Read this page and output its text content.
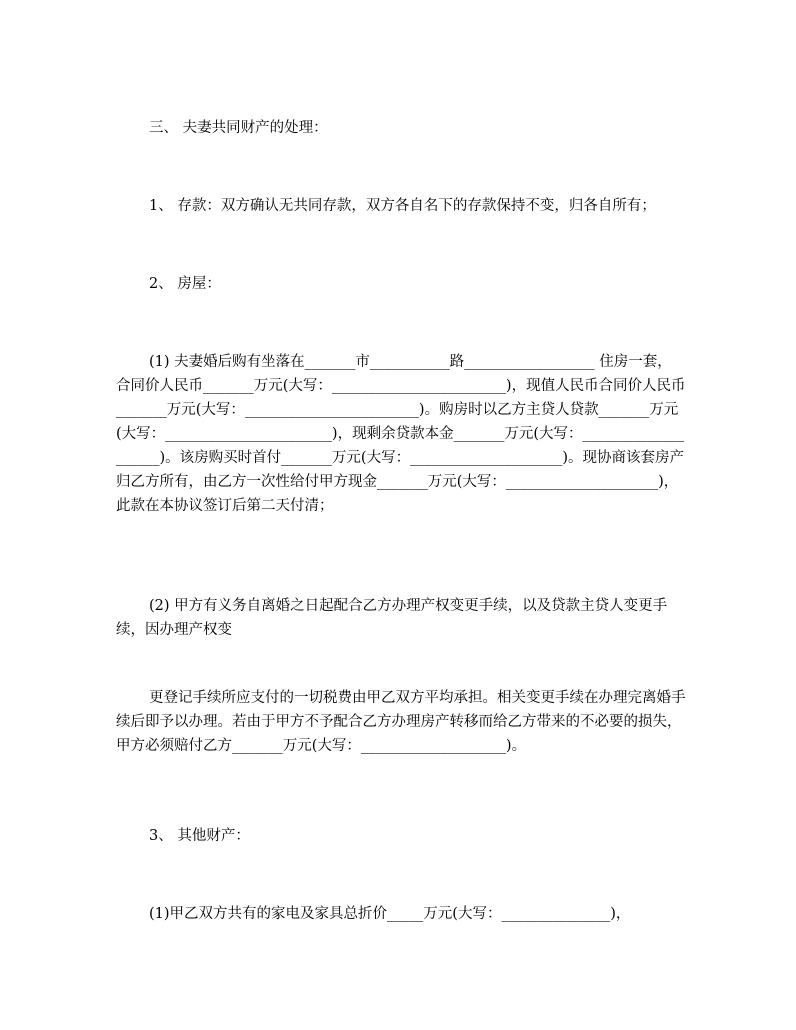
三、 夫妻共同财产的处理：

1、 存款：双方确认无共同存款，双方各自名下的存款保持不变，归各自所有；

2、 房屋：

(1) 夫妻婚后购有坐落在_______市___________路__________________ 住房一套，合同价人民币_______万元(大写：________________________)，现值人民币合同价人民币_______万元(大写：________________________)。购房时以乙方主贷人贷款_______万元(大写：_______________________)，现剩余贷款本金_______万元(大写：____________________)。该房购买时首付_______万元(大写：_____________________)。现协商该套房产归乙方所有，由乙方一次性给付甲方现金_______万元(大写：_____________________)，此款在本协议签订后第二天付清；

(2) 甲方有义务自离婚之日起配合乙方办理产权变更手续，以及贷款主贷人变更手续，因办理产权变

更登记手续所应支付的一切税费由甲乙双方平均承担。相关变更手续在办理完离婚手续后即予以办理。若由于甲方不予配合乙方办理房产转移而给乙方带来的不必要的损失，甲方必须赔付乙方_______万元(大写：____________________)。

3、 其他财产：

(1)甲乙双方共有的家电及家具总折价_____万元(大写：_______________)，
